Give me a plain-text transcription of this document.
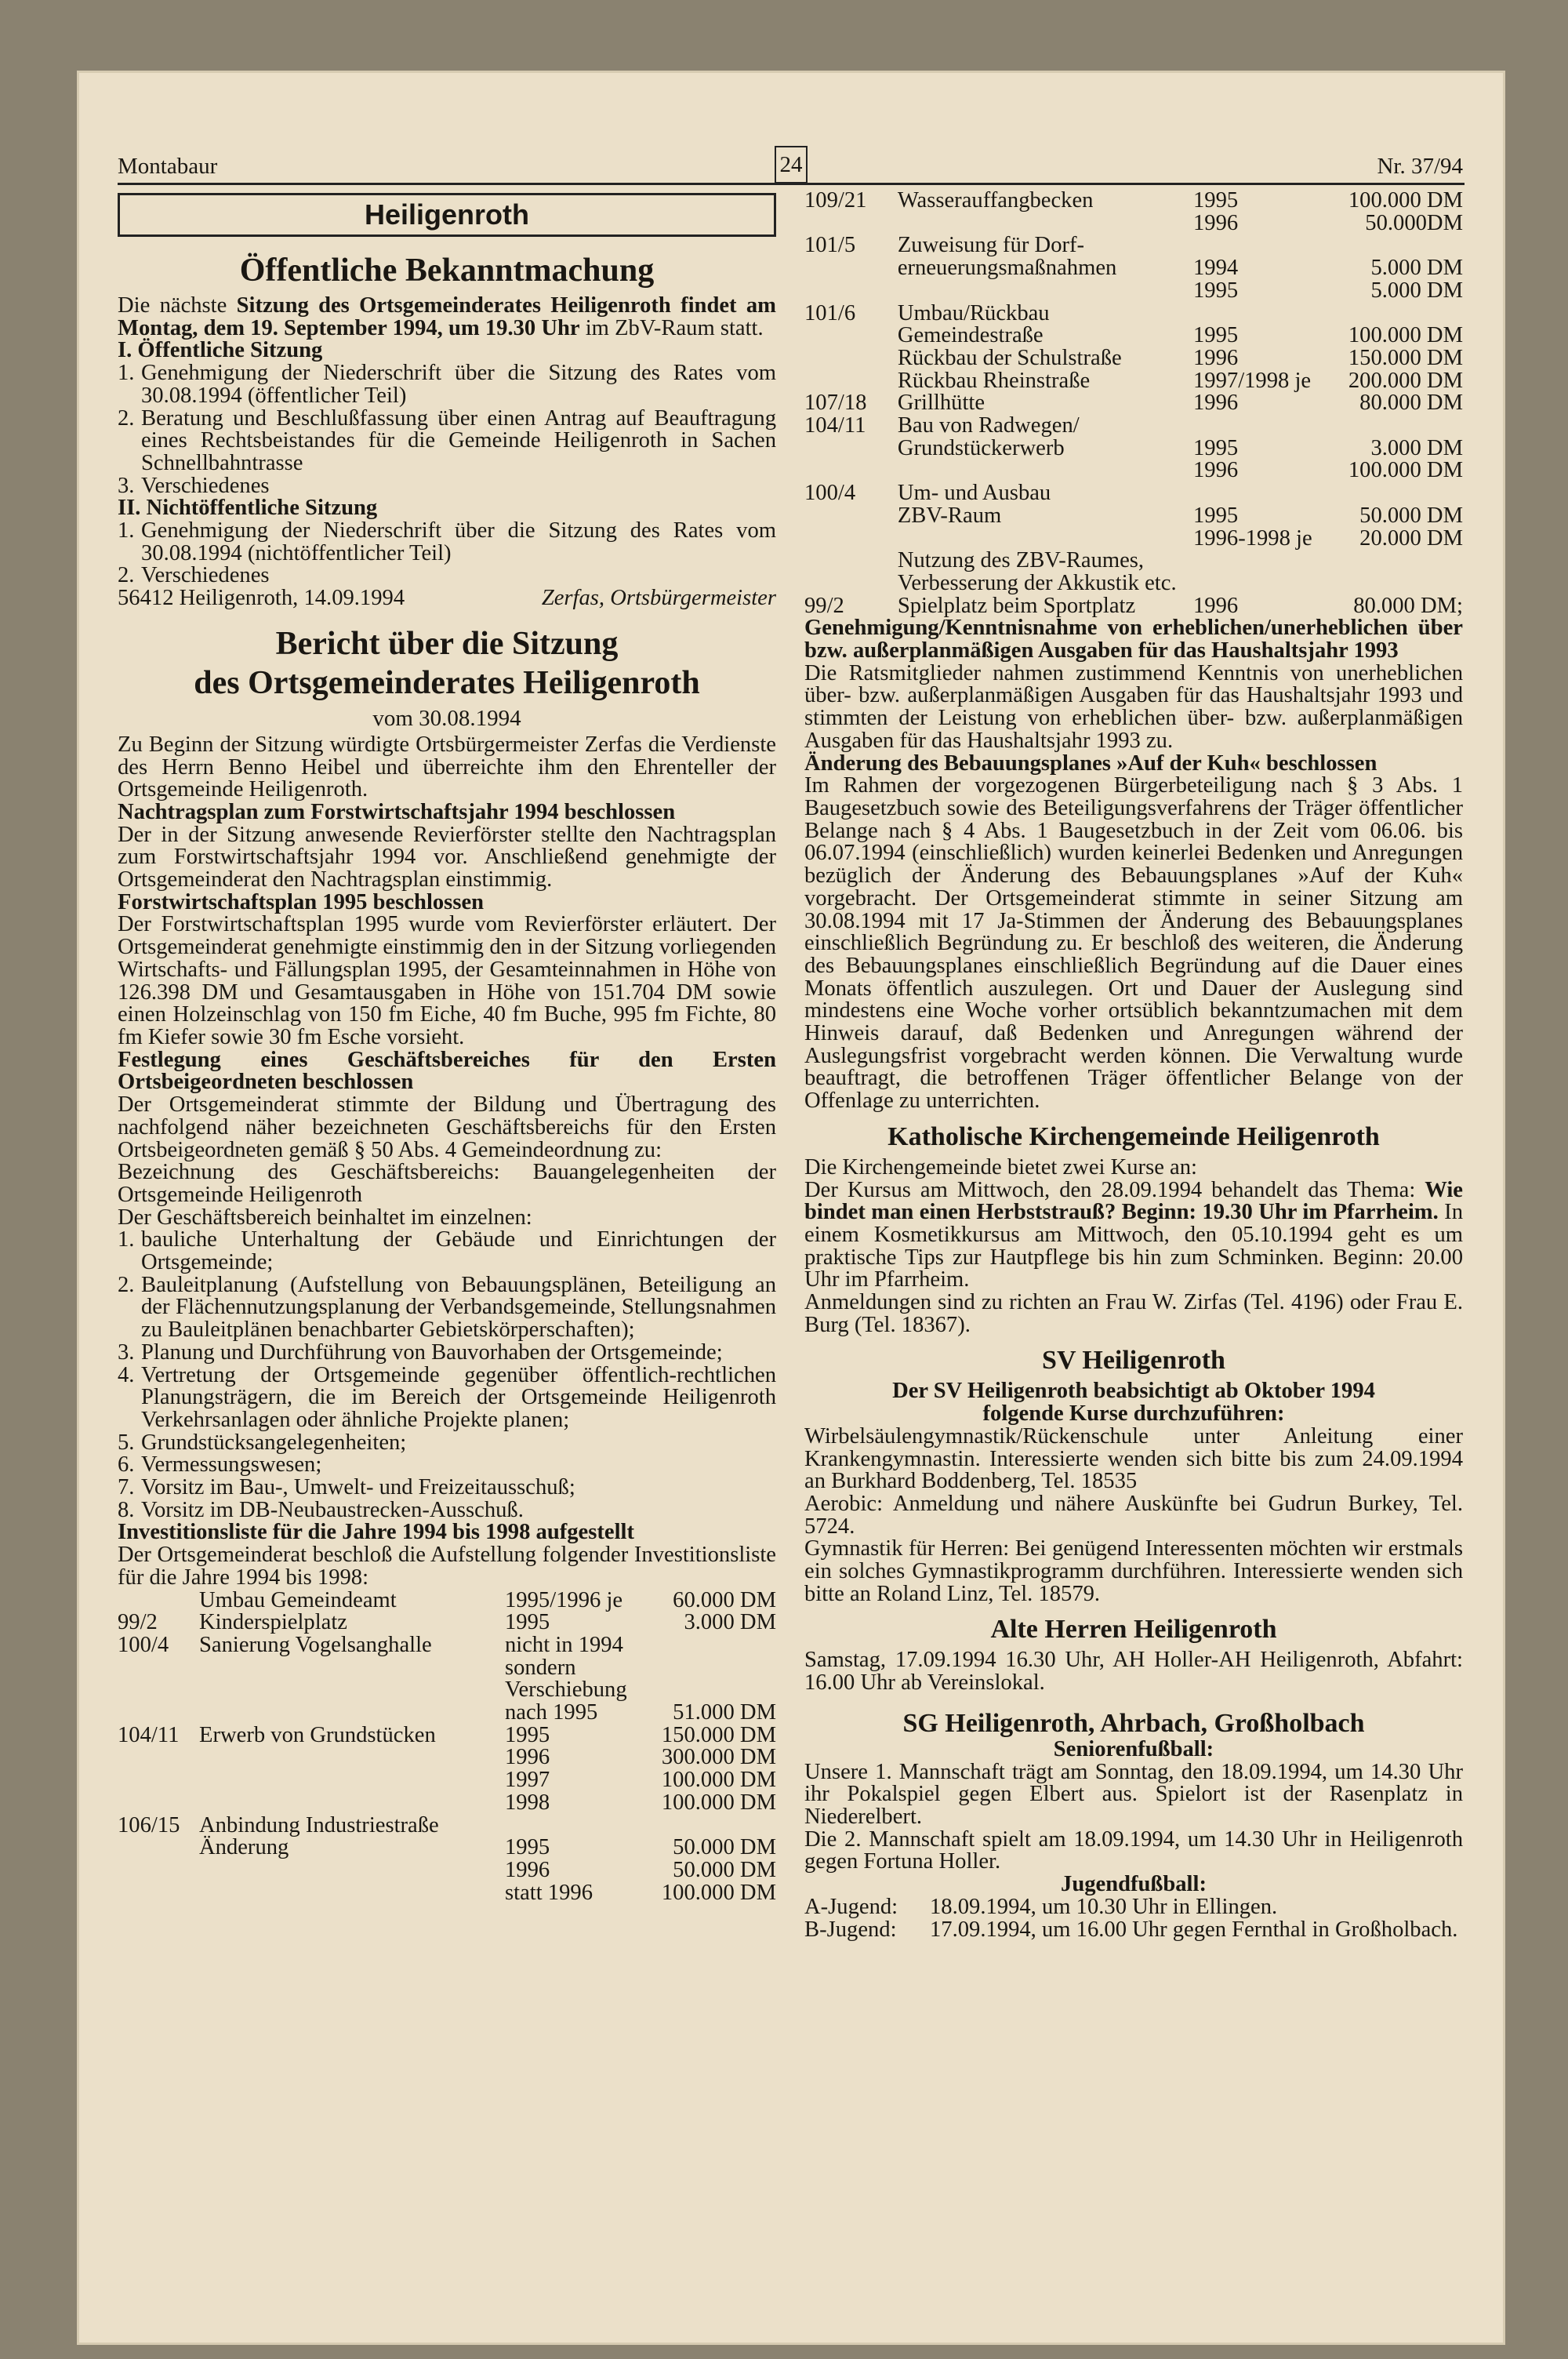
Montabaur	24	Nr. 37/94
Heiligenroth
Öffentliche Bekanntmachung

Die nächste Sitzung des Ortsgemeinderates Heiligenroth findet am Montag, dem 19. September 1994, um 19.30 Uhr im ZbV-Raum statt.

I. Öffentliche Sitzung

1. Genehmigung der Niederschrift über die Sitzung des Rates vom 30.08.1994 (öffentlicher Teil)
2. Beratung und Beschlußfassung über einen Antrag auf Beauftragung eines Rechtsbeistandes für die Gemeinde Heiligenroth in Sachen Schnellbahntrasse
3. Verschiedenes

II. Nichtöffentliche Sitzung

1. Genehmigung der Niederschrift über die Sitzung des Rates vom 30.08.1994 (nichtöffentlicher Teil)
2. Verschiedenes
56412 Heiligenroth, 14.09.1994	Zerfas, Ortsbürgermeister
Bericht über die Sitzung
des Ortsgemeinderates Heiligenroth

vom 30.08.1994

Zu Beginn der Sitzung würdigte Ortsbürgermeister Zerfas die Verdienste des Herrn Benno Heibel und überreichte ihm den Ehrenteller der Ortsgemeinde Heiligenroth.

Nachtragsplan zum Forstwirtschaftsjahr 1994 beschlossen

Der in der Sitzung anwesende Revierförster stellte den Nachtragsplan zum Forstwirtschaftsjahr 1994 vor. Anschließend genehmigte der Ortsgemeinderat den Nachtragsplan einstimmig.

Forstwirtschaftsplan 1995 beschlossen

Der Forstwirtschaftsplan 1995 wurde vom Revierförster erläutert. Der Ortsgemeinderat genehmigte einstimmig den in der Sitzung vorliegenden Wirtschafts- und Fällungsplan 1995, der Gesamteinnahmen in Höhe von 126.398 DM und Gesamtausgaben in Höhe von 151.704 DM sowie einen Holzeinschlag von 150 fm Eiche, 40 fm Buche, 995 fm Fichte, 80 fm Kiefer sowie 30 fm Esche vorsieht.

Festlegung eines Geschäftsbereiches für den Ersten Ortsbeigeordneten beschlossen

Der Ortsgemeinderat stimmte der Bildung und Übertragung des nachfolgend näher bezeichneten Geschäftsbereichs für den Ersten Ortsbeigeordneten gemäß § 50 Abs. 4 Gemeindeordnung zu:

Bezeichnung des Geschäftsbereichs: Bauangelegenheiten der Ortsgemeinde Heiligenroth

Der Geschäftsbereich beinhaltet im einzelnen:

1. bauliche Unterhaltung der Gebäude und Einrichtungen der Ortsgemeinde;
2. Bauleitplanung (Aufstellung von Bebauungsplänen, Beteiligung an der Flächennutzungsplanung der Verbandsgemeinde, Stellungsnahmen zu Bauleitplänen benachbarter Gebietskörperschaften);
3. Planung und Durchführung von Bauvorhaben der Ortsgemeinde;
4. Vertretung der Ortsgemeinde gegenüber öffentlich-rechtlichen Planungsträgern, die im Bereich der Ortsgemeinde Heiligenroth Verkehrsanlagen oder ähnliche Projekte planen;
5. Grundstücksangelegenheiten;
6. Vermessungswesen;
7. Vorsitz im Bau-, Umwelt- und Freizeitausschuß;
8. Vorsitz im DB-Neubaustrecken-Ausschuß.

Investitionsliste für die Jahre 1994 bis 1998 aufgestellt

Der Ortsgemeinderat beschloß die Aufstellung folgender Investitionsliste für die Jahre 1994 bis 1998:

	Umbau Gemeindeamt	1995/1996 je	60.000 DM
99/2	Kinderspielplatz	1995	3.000 DM
100/4	Sanierung Vogelsanghalle	nicht in 1994	
		sondern	
		Verschiebung	
		nach 1995	51.000 DM
104/11	Erwerb von Grundstücken	1995	150.000 DM
		1996	300.000 DM
		1997	100.000 DM
		1998	100.000 DM
106/15	Anbindung Industriestraße		
	Änderung	1995	50.000 DM
		1996	50.000 DM
		statt 1996	100.000 DM
109/21	Wasserauffangbecken	1995	100.000 DM
		1996	50.000DM
101/5	Zuweisung für Dorf-		
	erneuerungsmaßnahmen	1994	5.000 DM
		1995	5.000 DM
101/6	Umbau/Rückbau		
	Gemeindestraße	1995	100.000 DM
	Rückbau der Schulstraße	1996	150.000 DM
	Rückbau Rheinstraße	1997/1998 je	200.000 DM
107/18	Grillhütte	1996	80.000 DM
104/11	Bau von Radwegen/		
	Grundstückerwerb	1995	3.000 DM
		1996	100.000 DM
100/4	Um- und Ausbau		
	ZBV-Raum	1995	50.000 DM
		1996-1998 je	20.000 DM
	Nutzung des ZBV-Raumes,		
	Verbesserung der Akkustik etc.		
99/2	Spielplatz beim Sportplatz	1996	80.000 DM;

Genehmigung/Kenntnisnahme von erheblichen/unerheblichen über bzw. außerplanmäßigen Ausgaben für das Haushaltsjahr 1993

Die Ratsmitglieder nahmen zustimmend Kenntnis von unerheblichen über- bzw. außerplanmäßigen Ausgaben für das Haushaltsjahr 1993 und stimmten der Leistung von erheblichen über- bzw. außerplanmäßigen Ausgaben für das Haushaltsjahr 1993 zu.

Änderung des Bebauungsplanes »Auf der Kuh« beschlossen

Im Rahmen der vorgezogenen Bürgerbeteiligung nach § 3 Abs. 1 Baugesetzbuch sowie des Beteiligungsverfahrens der Träger öffentlicher Belange nach § 4 Abs. 1 Baugesetzbuch in der Zeit vom 06.06. bis 06.07.1994 (einschließlich) wurden keinerlei Bedenken und Anregungen bezüglich der Änderung des Bebauungsplanes »Auf der Kuh« vorgebracht. Der Ortsgemeinderat stimmte in seiner Sitzung am 30.08.1994 mit 17 Ja-Stimmen der Änderung des Bebauungsplanes einschließlich Begründung zu. Er beschloß des weiteren, die Änderung des Bebauungsplanes einschließlich Begründung auf die Dauer eines Monats öffentlich auszulegen. Ort und Dauer der Auslegung sind mindestens eine Woche vorher ortsüblich bekanntzumachen mit dem Hinweis darauf, daß Bedenken und Anregungen während der Auslegungsfrist vorgebracht werden können. Die Verwaltung wurde beauftragt, die betroffenen Träger öffentlicher Belange von der Offenlage zu unterrichten.

Katholische Kirchengemeinde Heiligenroth

Die Kirchengemeinde bietet zwei Kurse an:

Der Kursus am Mittwoch, den 28.09.1994 behandelt das Thema: Wie bindet man einen Herbststrauß? Beginn: 19.30 Uhr im Pfarrheim. In einem Kosmetikkursus am Mittwoch, den 05.10.1994 geht es um praktische Tips zur Hautpflege bis hin zum Schminken. Beginn: 20.00 Uhr im Pfarrheim.

Anmeldungen sind zu richten an Frau W. Zirfas (Tel. 4196) oder Frau E. Burg (Tel. 18367).

SV Heiligenroth

Der SV Heiligenroth beabsichtigt ab Oktober 1994

folgende Kurse durchzuführen:

Wirbelsäulengymnastik/Rückenschule unter Anleitung einer Krankengymnastin. Interessierte wenden sich bitte bis zum 24.09.1994 an Burkhard Boddenberg, Tel. 18535

Aerobic: Anmeldung und nähere Auskünfte bei Gudrun Burkey, Tel. 5724.

Gymnastik für Herren: Bei genügend Interessenten möchten wir erstmals ein solches Gymnastikprogramm durchführen. Interessierte wenden sich bitte an Roland Linz, Tel. 18579.

Alte Herren Heiligenroth

Samstag, 17.09.1994 16.30 Uhr, AH Holler-AH Heiligenroth, Abfahrt: 16.00 Uhr ab Vereinslokal.

SG Heiligenroth, Ahrbach, Großholbach

Seniorenfußball:

Unsere 1. Mannschaft trägt am Sonntag, den 18.09.1994, um 14.30 Uhr ihr Pokalspiel gegen Elbert aus. Spielort ist der Rasenplatz in Niederelbert.

Die 2. Mannschaft spielt am 18.09.1994, um 14.30 Uhr in Heiligenroth gegen Fortuna Holler.

Jugendfußball:

A-Jugend:	18.09.1994, um 10.30 Uhr in Ellingen.
B-Jugend:	17.09.1994, um 16.00 Uhr gegen Fernthal in Großholbach.
